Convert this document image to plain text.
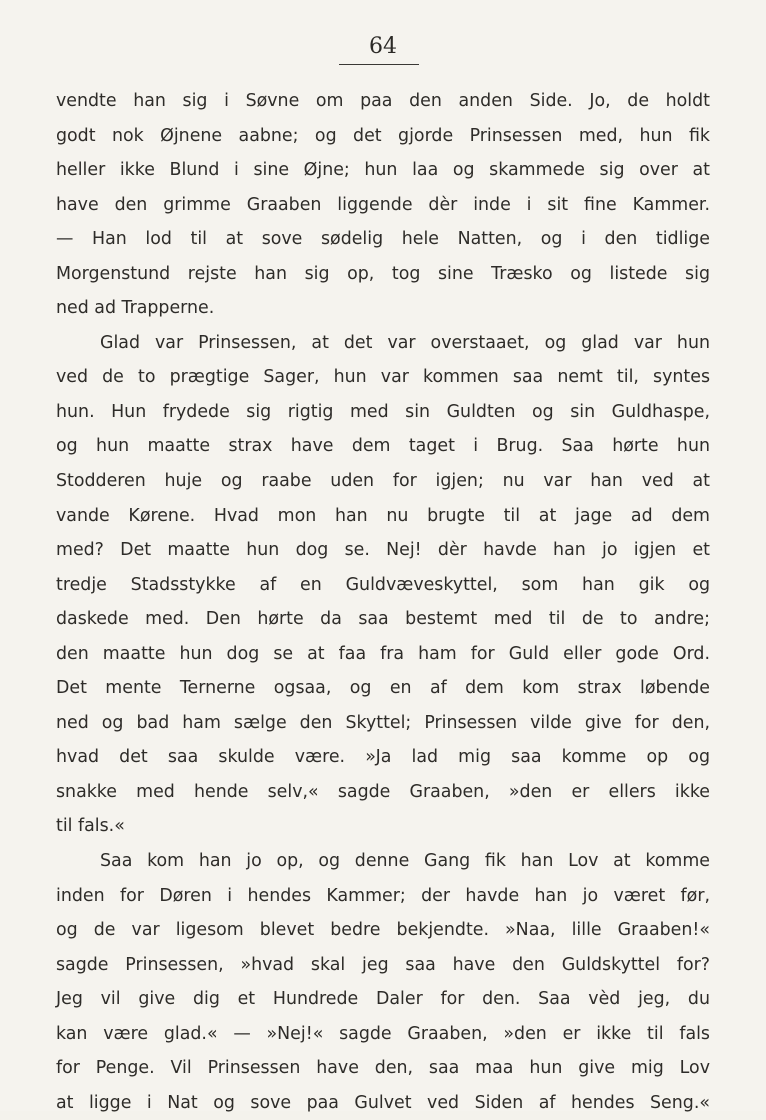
64
vendte han sig i Søvne om paa den anden Side. Jo, de holdt
godt nok Øjnene aabne; og det gjorde Prinsessen med, hun fik
heller ikke Blund i sine Øjne; hun laa og skammede sig over at
have den grimme Graaben liggende dèr inde i sit fine Kammer.
— Han lod til at sove sødelig hele Natten, og i den tidlige
Morgenstund rejste han sig op, tog sine Træsko og listede sig
ned ad Trapperne.
Glad var Prinsessen, at det var overstaaet, og glad var hun
ved de to prægtige Sager, hun var kommen saa nemt til, syntes
hun. Hun frydede sig rigtig med sin Guldten og sin Guldhaspe,
og hun maatte strax have dem taget i Brug. Saa hørte hun
Stodderen huje og raabe uden for igjen; nu var han ved at
vande Kørene. Hvad mon han nu brugte til at jage ad dem
med? Det maatte hun dog se. Nej! dèr havde han jo igjen et
tredje Stadsstykke af en Guldvæveskyttel, som han gik og
daskede med. Den hørte da saa bestemt med til de to andre;
den maatte hun dog se at faa fra ham for Guld eller gode Ord.
Det mente Ternerne ogsaa, og en af dem kom strax løbende
ned og bad ham sælge den Skyttel; Prinsessen vilde give for den,
hvad det saa skulde være. »Ja lad mig saa komme op og
snakke med hende selv,« sagde Graaben, »den er ellers ikke
til fals.«
Saa kom han jo op, og denne Gang fik han Lov at komme
inden for Døren i hendes Kammer; der havde han jo været før,
og de var ligesom blevet bedre bekjendte. »Naa, lille Graaben!«
sagde Prinsessen, »hvad skal jeg saa have den Guldskyttel for?
Jeg vil give dig et Hundrede Daler for den. Saa vèd jeg, du
kan være glad.« — »Nej!« sagde Graaben, »den er ikke til fals
for Penge. Vil Prinsessen have den, saa maa hun give mig Lov
at ligge i Nat og sove paa Gulvet ved Siden af hendes Seng.«
